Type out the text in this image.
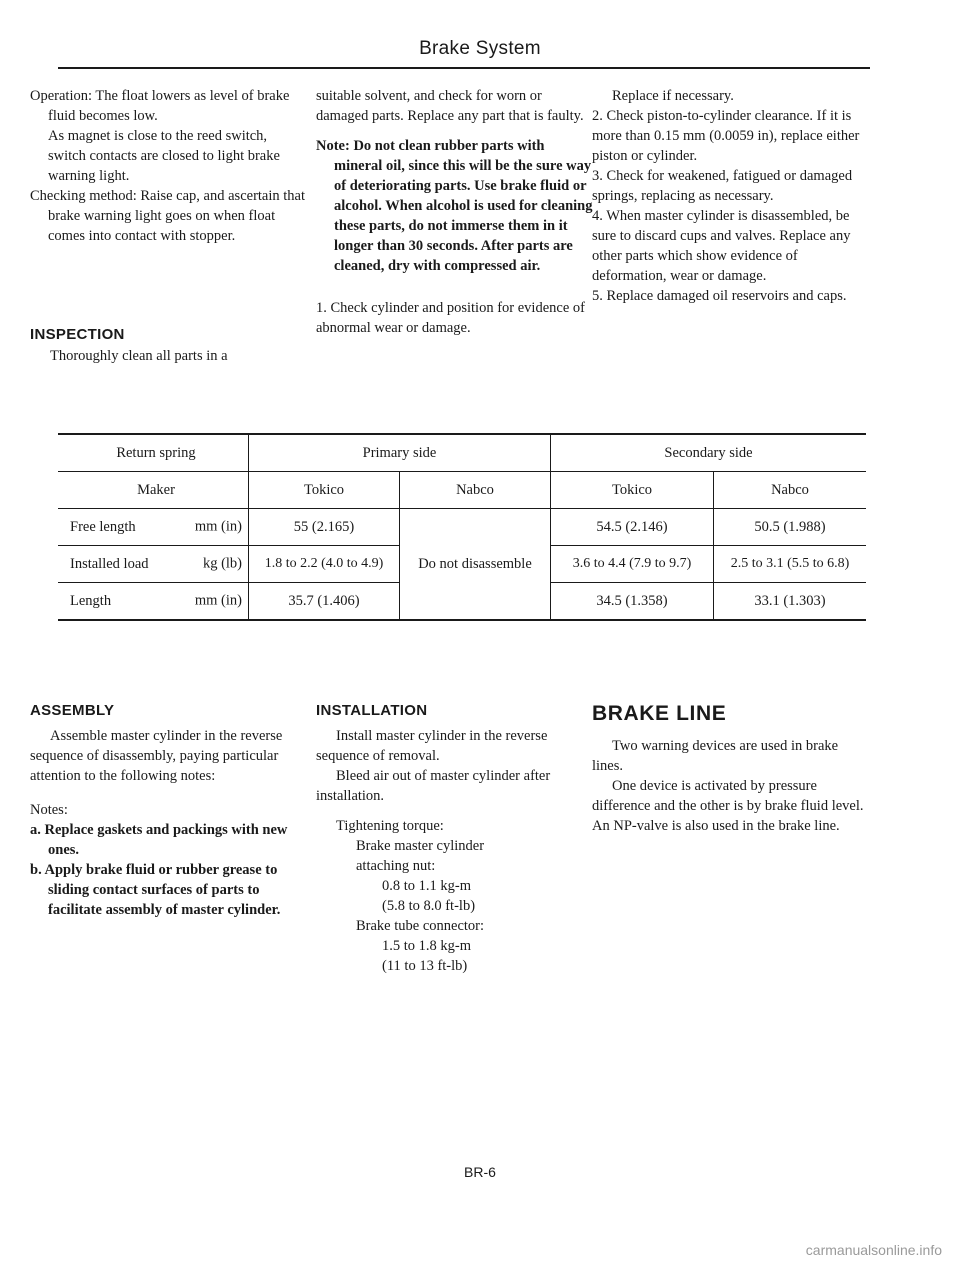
Brake System

Operation: The float lowers as level of brake fluid becomes low.

As magnet is close to the reed switch, switch contacts are closed to light brake warning light.

Checking method: Raise cap, and ascertain that brake warning light goes on when float comes into contact with stopper.

INSPECTION

Thoroughly clean all parts in a

suitable solvent, and check for worn or damaged parts. Replace any part that is faulty.

Note: Do not clean rubber parts with mineral oil, since this will be the sure way of deteriorating parts. Use brake fluid or alcohol. When alcohol is used for cleaning these parts, do not immerse them in it longer than 30 seconds. After parts are cleaned, dry with compressed air.

1. Check cylinder and position for evidence of abnormal wear or damage.

Replace if necessary.

2. Check piston-to-cylinder clearance. If it is more than 0.15 mm (0.0059 in), replace either piston or cylinder.

3. Check for weakened, fatigued or damaged springs, replacing as necessary.

4. When master cylinder is disassembled, be sure to discard cups and valves. Replace any other parts which show evidence of deformation, wear or damage.

5. Replace damaged oil reservoirs and caps.

Return spring	Primary side		Secondary side	
Maker	Tokico	Nabco	Tokico	Nabco
Free length mm (in)	55 (2.165)		54.5 (2.146)	50.5 (1.988)
Installed load kg (lb)	1.8 to 2.2 (4.0 to 4.9)	Do not disassemble	3.6 to 4.4 (7.9 to 9.7)	2.5 to 3.1 (5.5 to 6.8)
Length mm (in)	35.7 (1.406)		34.5 (1.358)	33.1 (1.303)
ASSEMBLY

Assemble master cylinder in the reverse sequence of disassembly, paying particular attention to the following notes:

Notes:

a. Replace gaskets and packings with new ones.

b. Apply brake fluid or rubber grease to sliding contact surfaces of parts to facilitate assembly of master cylinder.

INSTALLATION

Install master cylinder in the reverse sequence of removal.

Bleed air out of master cylinder after installation.

Tightening torque:

Brake master cylinder

attaching nut:

0.8 to 1.1 kg-m

(5.8 to 8.0 ft-lb)

Brake tube connector:

1.5 to 1.8 kg-m

(11 to 13 ft-lb)

BRAKE LINE

Two warning devices are used in brake lines.

One device is activated by pressure difference and the other is by brake fluid level. An NP-valve is also used in the brake line.

BR-6
carmanualsonline.info
